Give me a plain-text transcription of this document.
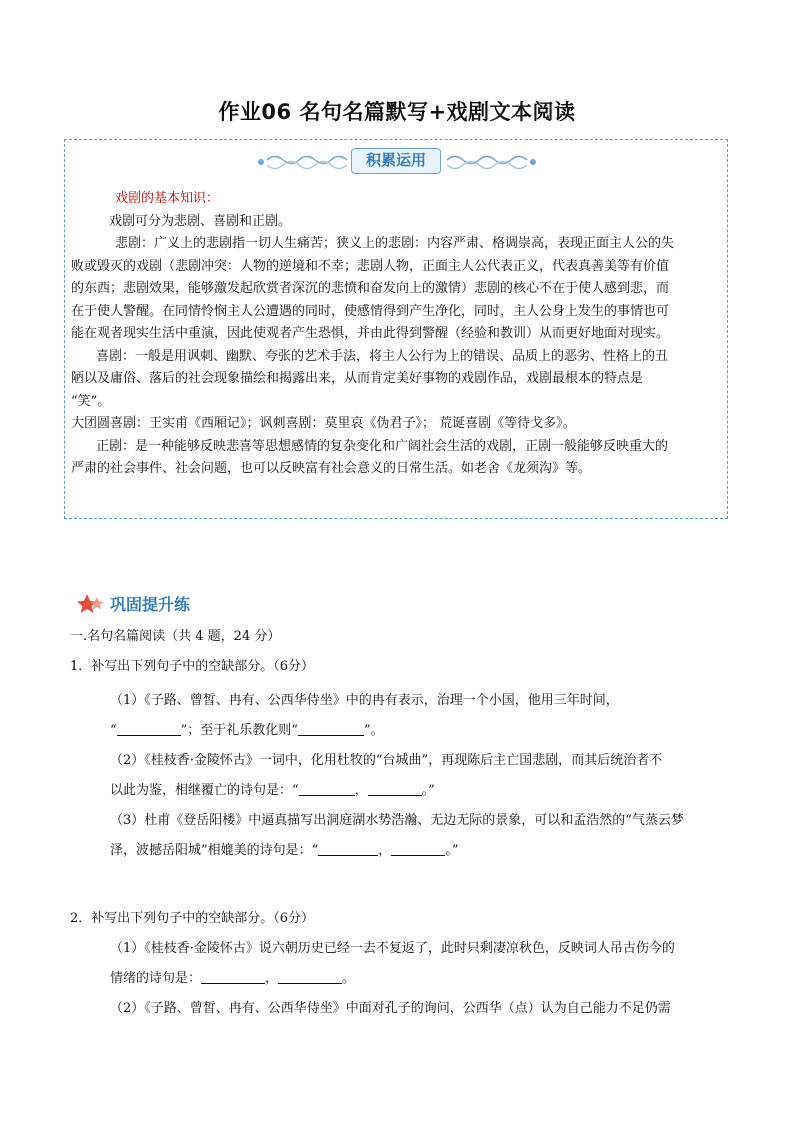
作业06 名句名篇默写+戏剧文本阅读
积累运用

戏剧的基本知识：

戏剧可分为悲剧、喜剧和正剧。

悲剧：广义上的悲剧指一切人生痛苦；狭义上的悲剧：内容严肃、格调崇高，表现正面主人公的失

败或毁灭的戏剧（悲剧冲突：人物的逆境和不幸；悲剧人物，正面主人公代表正义，代表真善美等有价值

的东西；悲剧效果，能够激发起欣赏者深沉的悲愤和奋发向上的激情）悲剧的核心不在于使人感到悲，而

在于使人警醒。在同情怜悯主人公遭遇的同时，使感情得到产生净化，同时，主人公身上发生的事情也可

能在观者现实生活中重演，因此使观者产生恐惧，并由此得到警醒（经验和教训）从而更好地面对现实。

喜剧：一般是用讽刺、幽默、夸张的艺术手法，将主人公行为上的错误、品质上的恶劣、性格上的丑

陋以及庸俗、落后的社会现象描绘和揭露出来，从而肯定美好事物的戏剧作品，戏剧最根本的特点是

“笑”。

大团圆喜剧：王实甫《西厢记》；讽刺喜剧：莫里哀《伪君子》； 荒诞喜剧《等待戈多》。

正剧：是一种能够反映悲喜等思想感情的复杂变化和广阔社会生活的戏剧，正剧一般能够反映重大的

严肃的社会事件、社会问题，也可以反映富有社会意义的日常生活。如老舍《龙须沟》等。

巩固提升练

一.名句名篇阅读（共 4 题，24 分）

1．补写出下列句子中的空缺部分。（6分）

（1）《子路、曾皙、冉有、公西华侍坐》中的冉有表示，治理一个小国，他用三年时间，

“	”；至于礼乐教化则“	”。

（2）《桂枝香·金陵怀古》一词中，化用杜牧的“台城曲”，再现陈后主亡国悲剧，而其后统治者不

以此为鉴，相继覆亡的诗句是：“	，	。”

（3）杜甫《登岳阳楼》中逼真描写出洞庭湖水势浩瀚、无边无际的景象，可以和孟浩然的“气蒸云梦

泽，波撼岳阳城”相媲美的诗句是：“	，	。”

2．补写出下列句子中的空缺部分。（6分）

（1）《桂枝香·金陵怀古》说六朝历史已经一去不复返了，此时只剩凄凉秋色，反映词人吊古伤今的

情绪的诗句是：	，	。

（2）《子路、曾皙、冉有、公西华侍坐》中面对孔子的询问，公西华（点）认为自己能力不足仍需
